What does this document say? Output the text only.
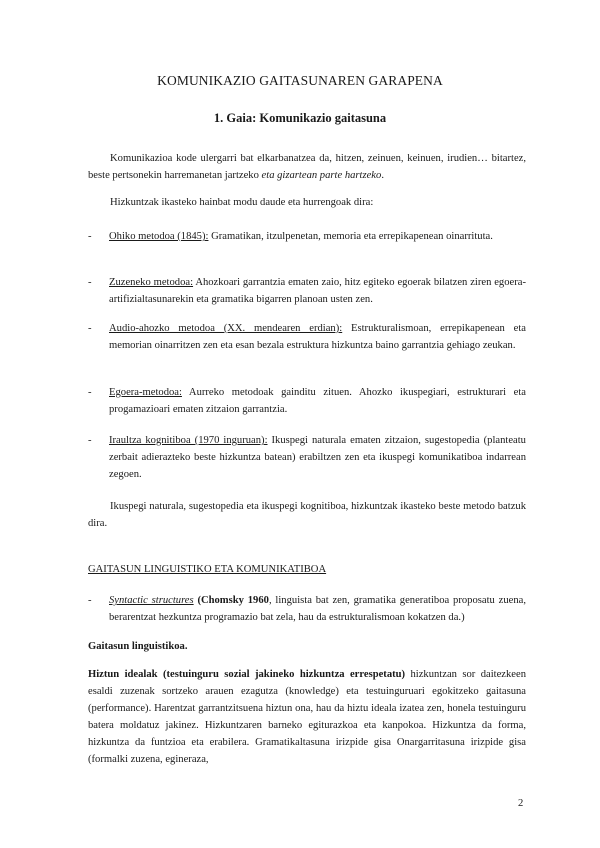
KOMUNIKAZIO GAITASUNAREN GARAPENA
1. Gaia: Komunikazio gaitasuna
Komunikazioa kode ulergarri bat elkarbanatzea da, hitzen, zeinuen, keinuen, irudien… bitartez, beste pertsonekin harremanetan jartzeko eta gizartean parte hartzeko.
Hizkuntzak ikasteko hainbat modu daude eta hurrengoak dira:
-	Ohiko metodoa (1845): Gramatikan, itzulpenetan, memoria eta errepikapenean oinarrituta.
-	Zuzeneko metodoa: Ahozkoari garrantzia ematen zaio, hitz egiteko egoerak bilatzen ziren egoera-artifizialtasunarekin eta gramatika bigarren planoan usten zen.
-	Audio-ahozko metodoa (XX. mendearen erdian): Estrukturalismoan, errepikapenean eta memorian oinarritzen zen eta esan bezala estruktura hizkuntza baino garrantzia gehiago zeukan.
-	Egoera-metodoa: Aurreko metodoak gainditu zituen. Ahozko ikuspegiari, estrukturari eta progamazioari ematen zitzaion garrantzia.
-	Iraultza kognitiboa (1970 inguruan): Ikuspegi naturala ematen zitzaion, sugestopedia (planteatu zerbait adierazteko beste hizkuntza batean) erabiltzen zen eta ikuspegi komunikatiboa indarrean zegoen.
Ikuspegi naturala, sugestopedia eta ikuspegi kognitiboa, hizkuntzak ikasteko beste metodo batzuk dira.
GAITASUN LINGUISTIKO ETA KOMUNIKATIBOA
-	Syntactic structures (Chomsky 1960, linguista bat zen, gramatika generatiboa proposatu zuena, berarentzat hezkuntza programazio bat zela, hau da estrukturalismoan kokatzen da.)
Gaitasun linguistikoa.
Hiztun idealak (testuinguru sozial jakineko hizkuntza errespetatu) hizkuntzan sor daitezkeen esaldi zuzenak sortzeko arauen ezagutza (knowledge) eta testuinguruari egokitzeko gaitasuna (performance). Harentzat garrantzitsuena hiztun ona, hau da hiztu ideala izatea zen, honela testuinguru batera moldatuz jakinez. Hizkuntzaren barneko egiturazkoa eta kanpokoa. Hizkuntza da forma, hizkuntza da funtzioa eta erabilera. Gramatikaltasuna irizpide gisa Onargarritasuna irizpide gisa (formalki zuzena, egineraza,
2
